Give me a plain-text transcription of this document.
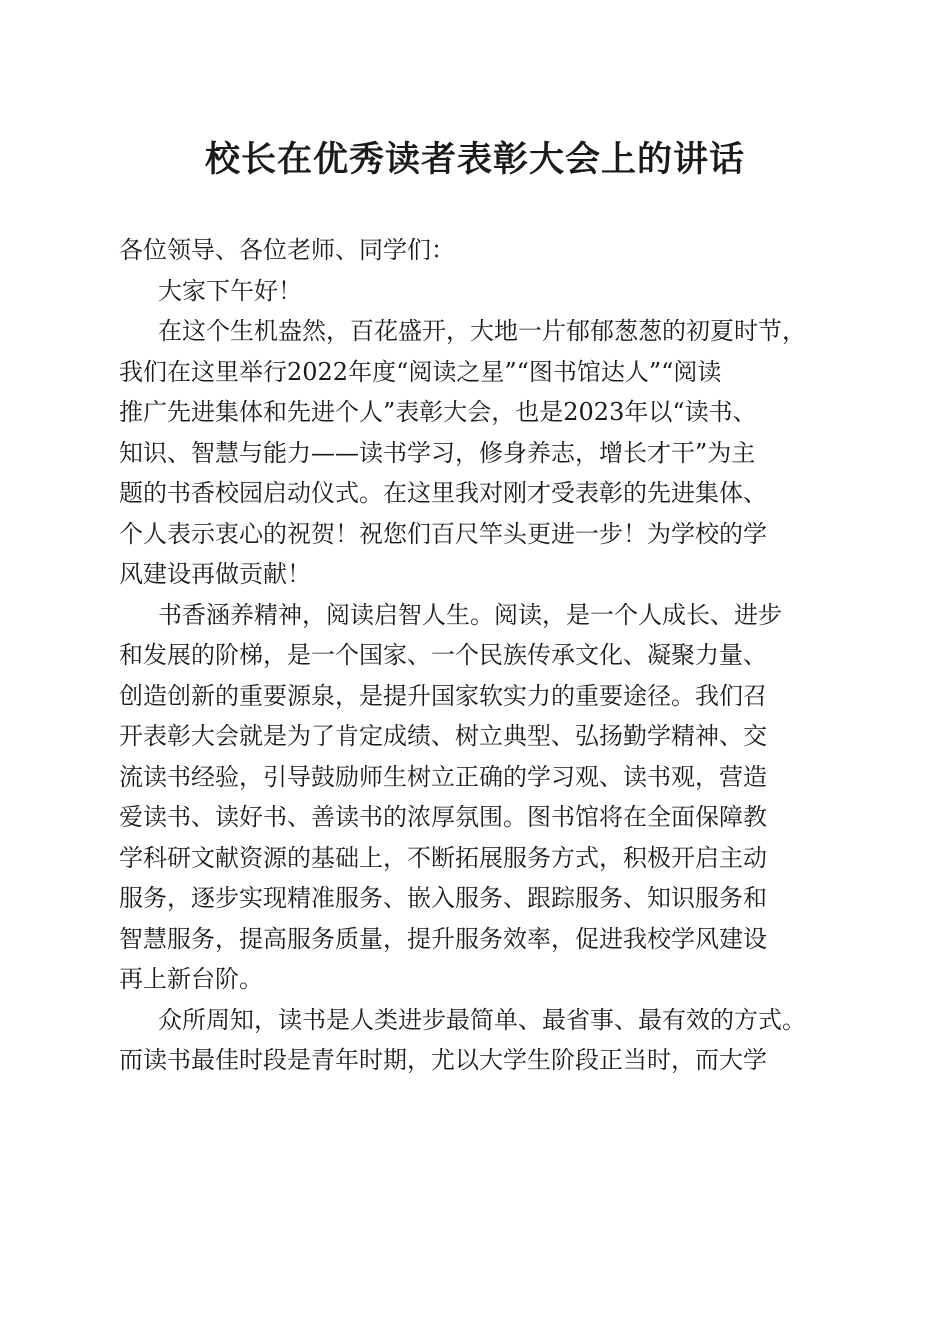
校长在优秀读者表彰大会上的讲话
各位领导、各位老师、同学们：
大家下午好！
在这个生机盎然，百花盛开，大地一片郁郁葱葱的初夏时节，
我们在这里举行2022年度“阅读之星”“图书馆达人”“阅读
推广先进集体和先进个人”表彰大会，也是2023年以“读书、
知识、智慧与能力——读书学习，修身养志，增长才干”为主
题的书香校园启动仪式。在这里我对刚才受表彰的先进集体、
个人表示衷心的祝贺！祝您们百尺竿头更进一步！为学校的学
风建设再做贡献！
书香涵养精神，阅读启智人生。阅读，是一个人成长、进步
和发展的阶梯，是一个国家、一个民族传承文化、凝聚力量、
创造创新的重要源泉，是提升国家软实力的重要途径。我们召
开表彰大会就是为了肯定成绩、树立典型、弘扬勤学精神、交
流读书经验，引导鼓励师生树立正确的学习观、读书观，营造
爱读书、读好书、善读书的浓厚氛围。图书馆将在全面保障教
学科研文献资源的基础上，不断拓展服务方式，积极开启主动
服务，逐步实现精准服务、嵌入服务、跟踪服务、知识服务和
智慧服务，提高服务质量，提升服务效率，促进我校学风建设
再上新台阶。
众所周知，读书是人类进步最简单、最省事、最有效的方式。
而读书最佳时段是青年时期，尤以大学生阶段正当时，而大学
